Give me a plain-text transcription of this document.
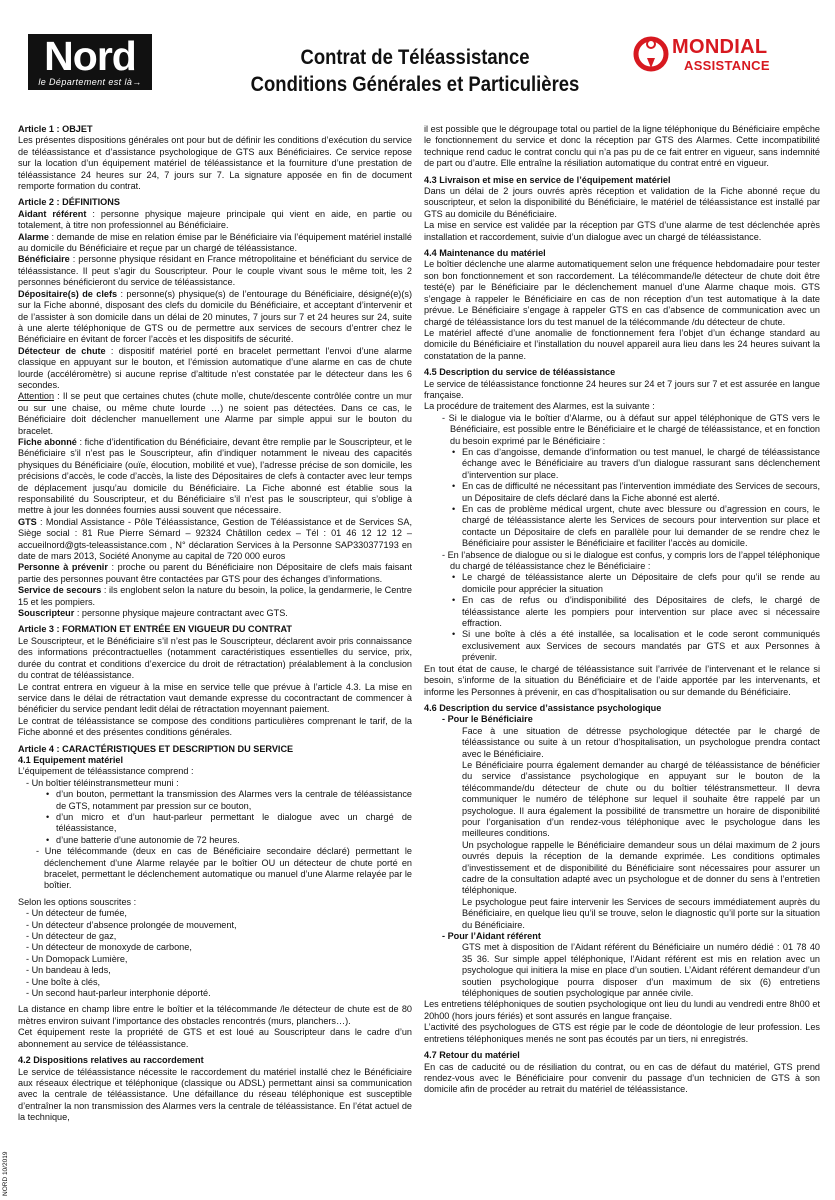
Nord
le Département est là→
Contrat de Téléassistance
Conditions Générales et Particulières
MONDIAL
ASSISTANCE

Article 1 : OBJET

Les présentes dispositions générales ont pour but de définir les conditions d’exécution du service de téléassistance et d’assistance psychologique de GTS aux Bénéficiaires. Ce service repose sur la location d’un équipement matériel de téléassistance et la fourniture d’une prestation de téléassistance 24 heures sur 24, 7 jours sur 7. La signature apposée en fin de document remporte formation du contrat.

Article 2 : DÉFINITIONS

Aidant référent : personne physique majeure principale qui vient en aide, en partie ou totalement, à titre non professionnel au Bénéficiaire.

Alarme : demande de mise en relation émise par le Bénéficiaire via l’équipement matériel installé au domicile du Bénéficiaire et reçue par un chargé de téléassistance.

Bénéficiaire : personne physique résidant en France métropolitaine et bénéficiant du service de téléassistance. Il peut s’agir du Souscripteur. Pour le couple vivant sous le même toit, les 2 personnes bénéficieront du service de téléassistance.

Dépositaire(s) de clefs : personne(s) physique(s) de l’entourage du Bénéficiaire, désigné(e)(s) sur la Fiche abonné, disposant des clefs du domicile du Bénéficiaire, et acceptant d’intervenir et de l’assister à son domicile dans un délai de 20 minutes, 7 jours sur 7 et 24 heures sur 24, suite à une alerte téléphonique de GTS ou de permettre aux services de secours d’entrer chez le Bénéficiaire en évitant de forcer l’accès et les dispositifs de sécurité.

Détecteur de chute : dispositif matériel porté en bracelet permettant l’envoi d’une alarme classique en appuyant sur le bouton, et l’émission automatique d’une alarme en cas de chute lourde (accéléromètre) si aucune reprise d’altitude n’est constatée par le détecteur dans les 6 secondes.

Attention : Il se peut que certaines chutes (chute molle, chute/descente contrôlée contre un mur ou sur une chaise, ou même chute lourde …) ne soient pas détectées. Dans ce cas, le Bénéficiaire doit déclencher manuellement une Alarme par simple appui sur le bouton du bracelet.

Fiche abonné : fiche d’identification du Bénéficiaire, devant être remplie par le Souscripteur, et le Bénéficiaire s’il n’est pas le Souscripteur, afin d’indiquer notamment le niveau des capacités physiques du Bénéficiaire (ouïe, élocution, mobilité et vue), l’adresse précise de son domicile, les précisions d’accès, le code d’accès, la liste des Dépositaires de clefs à contacter avec leur temps de déplacement jusqu’au domicile du Bénéficiaire. La Fiche abonné est établie sous la responsabilité du Souscripteur, et du Bénéficiaire s’il n’est pas le souscripteur, qui s’oblige à mettre à jour les données fournies aussi souvent que nécessaire.

GTS : Mondial Assistance - Pôle Téléassistance, Gestion de Téléassistance et de Services SA, Siège social : 81 Rue Pierre Sémard – 92324 Châtillon cedex – Tél : 01 46 12 12 12 – accueilnord@gts-teleassistance.com , N° déclaration Services à la Personne SAP330377193 en date de mars 2013, Société Anonyme au capital de 720 000 euros

Personne à prévenir : proche ou parent du Bénéficiaire non Dépositaire de clefs mais faisant partie des personnes pouvant être contactées par GTS pour des échanges d’informations.

Service de secours : ils englobent selon la nature du besoin, la police, la gendarmerie, le Centre 15 et les pompiers.

Souscripteur : personne physique majeure contractant avec GTS.

Article 3 : FORMATION ET ENTRÉE EN VIGUEUR DU CONTRAT

Le Souscripteur, et le Bénéficiaire s’il n’est pas le Souscripteur, déclarent avoir pris connaissance des informations précontractuelles (notamment caractéristiques essentielles du service, prix, durée du contrat et conditions d’exercice du droit de rétractation) préalablement à la conclusion du contrat de téléassistance.

Le contrat entrera en vigueur à la mise en service telle que prévue à l’article 4.3. La mise en service dans le délai de rétractation vaut demande expresse du cocontractant de commencer à bénéficier du service pendant ledit délai de rétractation moyennant paiement.

Le contrat de téléassistance se compose des conditions particulières comprenant le tarif, de la Fiche abonné et des présentes conditions générales.

Article 4 : CARACTÉRISTIQUES ET DESCRIPTION DU SERVICE

4.1 Equipement matériel

L’équipement de téléassistance comprend :

- Un boîtier téléinstransmetteur muni :

• d’un bouton, permettant la transmission des Alarmes vers la centrale de téléassistance de GTS, notamment par pression sur ce bouton,

• d’un micro et d’un haut-parleur permettant le dialogue avec un chargé de téléassistance,

• d’une batterie d’une autonomie de 72 heures.

- Une télécommande (deux en cas de Bénéficiaire secondaire déclaré) permettant le déclenchement d’une Alarme relayée par le boîtier OU un détecteur de chute porté en bracelet, permettant le déclenchement automatique ou manuel d’une Alarme relayée par le boîtier.

Selon les options souscrites :

- Un détecteur de fumée,

- Un détecteur d’absence prolongée de mouvement,

- Un détecteur de gaz,

- Un détecteur de monoxyde de carbone,

- Un Domopack Lumière,

- Un bandeau à leds,

- Une boîte à clés,

- Un second haut-parleur interphonie déporté.

La distance en champ libre entre le boîtier et la télécommande /le détecteur de chute est de 80 mètres environ suivant l’importance des obstacles rencontrés (murs, planchers…).

Cet équipement reste la propriété de GTS et est loué au Souscripteur dans le cadre d’un abonnement au service de téléassistance.

4.2 Dispositions relatives au raccordement

Le service de téléassistance nécessite le raccordement du matériel installé chez le Bénéficiaire aux réseaux électrique et téléphonique (classique ou ADSL) permettant ainsi sa communication avec la centrale de téléassistance. Une défaillance du réseau téléphonique est susceptible d’entraîner la non transmission des Alarmes vers la centrale de téléassistance. En l’état actuel de la technique,

il est possible que le dégroupage total ou partiel de la ligne téléphonique du Bénéficiaire empêche le fonctionnement du service et donc la réception par GTS des Alarmes. Cette incompatibilité technique rend caduc le contrat conclu qui n’a pas pu de ce fait entrer en vigueur, sans indemnité de part ou d’autre. Elle entraîne la résiliation automatique du contrat entré en vigueur.

4.3 Livraison et mise en service de l’équipement matériel

Dans un délai de 2 jours ouvrés après réception et validation de la Fiche abonné reçue du souscripteur, et selon la disponibilité du Bénéficiaire, le matériel de téléassistance est installé par GTS au domicile du Bénéficiaire.

La mise en service est validée par la réception par GTS d’une alarme de test déclenchée après installation et raccordement, suivie d’un dialogue avec un chargé de téléassistance.

4.4 Maintenance du matériel

Le boîtier déclenche une alarme automatiquement selon une fréquence hebdomadaire pour tester son bon fonctionnement et son raccordement. La télécommande/le détecteur de chute doit être testé(e) par le Bénéficiaire par le déclenchement manuel d’une Alarme chaque mois. GTS s’engage à rappeler le Bénéficiaire en cas de non réception d’un test automatique à la date prévue. Le Bénéficiaire s’engage à rappeler GTS en cas d’absence de communication avec un chargé de téléassistance lors du test manuel de la télécommande /du détecteur de chute.

Le matériel affecté d’une anomalie de fonctionnement fera l’objet d’un échange standard au domicile du Bénéficiaire et l’installation du nouvel appareil aura lieu dans les 24 heures suivant la constatation de la panne.

4.5 Description du service de téléassistance

Le service de téléassistance fonctionne 24 heures sur 24 et 7 jours sur 7 et est assurée en langue française.

La procédure de traitement des Alarmes, est la suivante :

- Si le dialogue via le boîtier d’Alarme, ou à défaut sur appel téléphonique de GTS vers le Bénéficiaire, est possible entre le Bénéficiaire et le chargé de téléassistance, et en fonction du besoin exprimé par le Bénéficiaire :

• En cas d’angoisse, demande d’information ou test manuel, le chargé de téléassistance échange avec le Bénéficiaire au travers d’un dialogue rassurant sans déclenchement d’intervention sur place.

• En cas de difficulté ne nécessitant pas l’intervention immédiate des Services de secours, un Dépositaire de clefs déclaré dans la Fiche abonné est alerté.

• En cas de problème médical urgent, chute avec blessure ou d’agression en cours, le chargé de téléassistance alerte les Services de secours pour intervention sur place et contacte un Dépositaire de clefs en parallèle pour lui demander de se rendre chez le Bénéficiaire pour assister le Bénéficiaire et faciliter l’accès au domicile.

- En l’absence de dialogue ou si le dialogue est confus, y compris lors de l’appel téléphonique du chargé de téléassistance chez le Bénéficiaire :

• Le chargé de téléassistance alerte un Dépositaire de clefs pour qu’il se rende au domicile pour apprécier la situation

• En cas de refus ou d’indisponibilité des Dépositaires de clefs, le chargé de téléassistance alerte les pompiers pour intervention sur place avec si nécessaire effraction.

• Si une boîte à clés a été installée, sa localisation et le code seront communiqués exclusivement aux Services de secours mandatés par GTS et aux Personnes à prévenir.

En tout état de cause, le chargé de téléassistance suit l’arrivée de l’intervenant et le relance si besoin, s’informe de la situation du Bénéficiaire et de l’aide apportée par les intervenants, et informe les Personnes à prévenir, en cas d’hospitalisation ou sur demande du Bénéficiaire.

4.6 Description du service d’assistance psychologique

- Pour le Bénéficiaire

Face à une situation de détresse psychologique détectée par le chargé de téléassistance ou suite à un retour d’hospitalisation, un psychologue prendra contact avec le Bénéficiaire.

Le Bénéficiaire pourra également demander au chargé de téléassistance de bénéficier du service d’assistance psychologique en appuyant sur le bouton de la télécommande/du détecteur de chute ou du boîtier téléstransmetteur. Il devra communiquer le numéro de téléphone sur lequel il souhaite être rappelé par un psychologue. Il aura également la possibilité de transmettre un horaire de disponibilité pour l’organisation d’un rendez-vous téléphonique avec le psychologue dans les meilleures conditions.

Un psychologue rappelle le Bénéficiaire demandeur sous un délai maximum de 2 jours ouvrés depuis la réception de la demande exprimée. Les conditions optimales d’investissement et de disponibilité du Bénéficiaire sont nécessaires pour assurer un cadre de la consultation adapté avec un psychologue et de donner du sens à l’entretien téléphonique.

Le psychologue peut faire intervenir les Services de secours immédiatement auprès du Bénéficiaire, en quelque lieu qu’il se trouve, selon le diagnostic qu’il porte sur la situation du Bénéficiaire.

- Pour l’Aidant référent

GTS met à disposition de l’Aidant référent du Bénéficiaire un numéro dédié : 01 78 40 35 36. Sur simple appel téléphonique, l’Aidant référent est mis en relation avec un psychologue qui initiera la mise en place d’un soutien. L’Aidant référent demandeur d’un soutien psychologique pourra disposer d’un maximum de six (6) entretiens téléphoniques de soutien psychologique par année civile.

Les entretiens téléphoniques de soutien psychologique ont lieu du lundi au vendredi entre 8h00 et 20h00 (hors jours fériés) et sont assurés en langue française.

L’activité des psychologues de GTS est régie par le code de déontologie de leur profession. Les entretiens téléphoniques menés ne sont pas écoutés par un tiers, ni enregistrés.

4.7 Retour du matériel

En cas de caducité ou de résiliation du contrat, ou en cas de défaut du matériel, GTS prend rendez-vous avec le Bénéficiaire pour convenir du passage d’un technicien de GTS à son domicile afin de procéder au retrait du matériel de téléassistance.

NORD 10/2019
